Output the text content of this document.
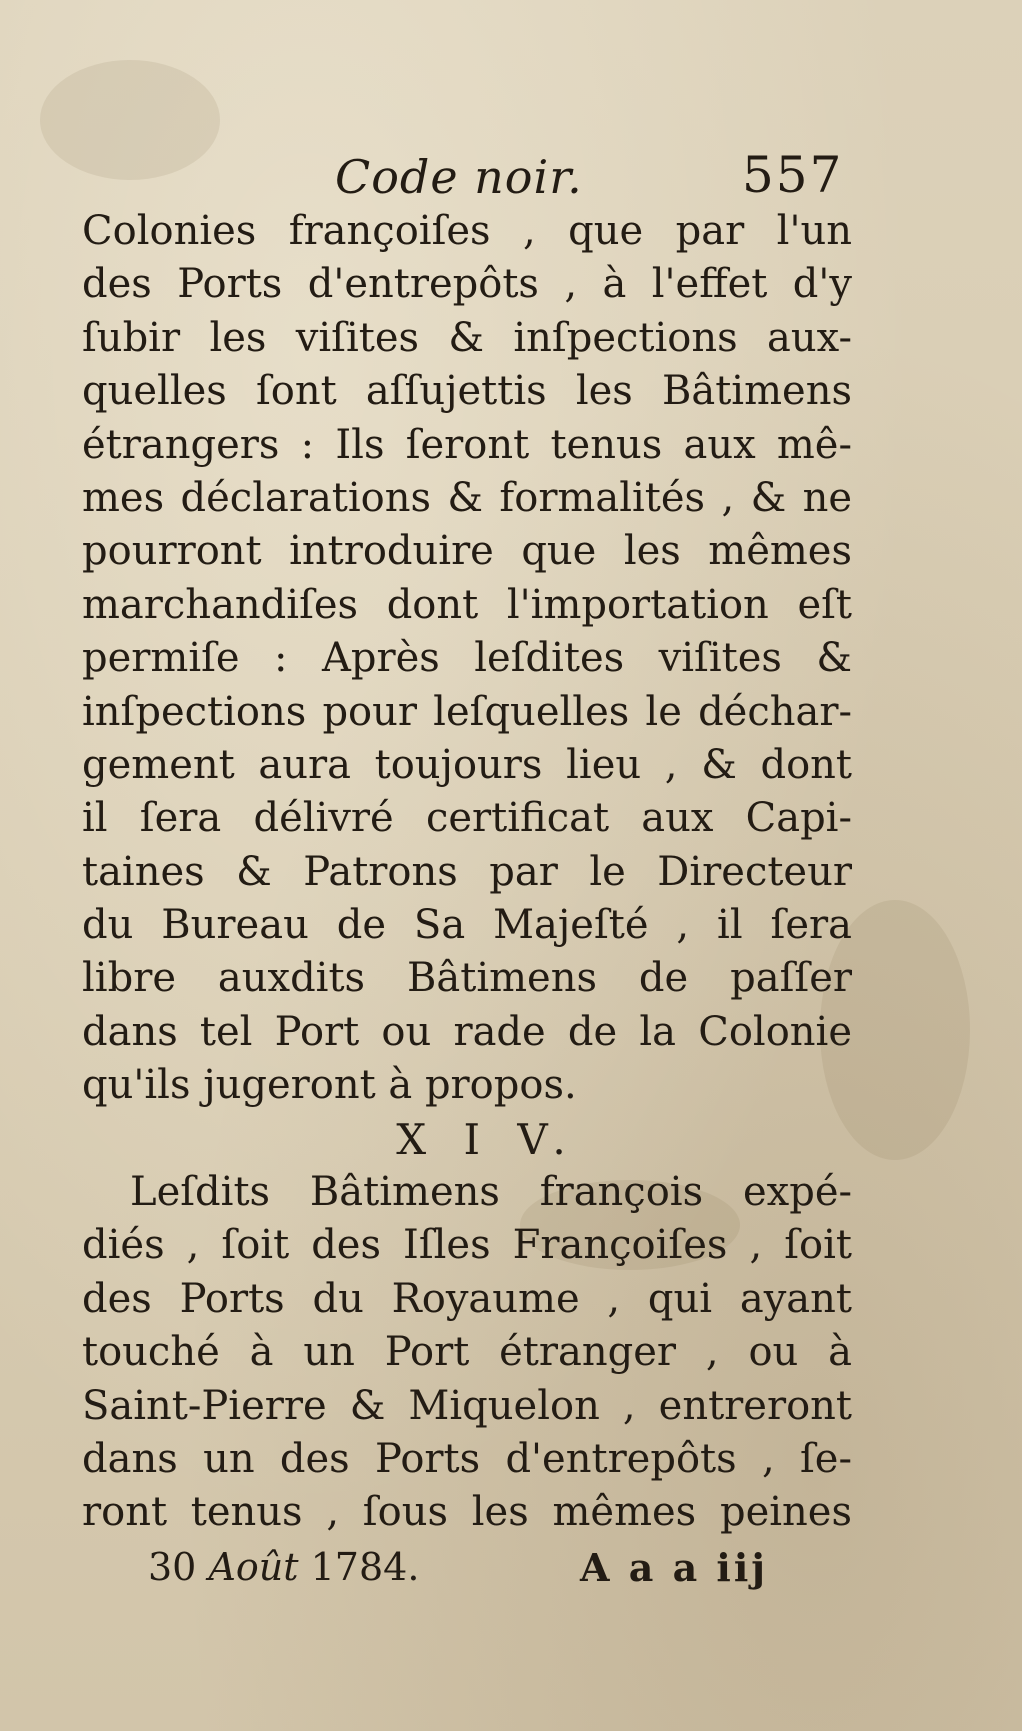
Code noir.	557
Colonies françoiſes , que par l'un
des Ports d'entrepôts , à l'effet d'y
ſubir les viſites & inſpections aux-
quelles ſont aſſujettis les Bâtimens
étrangers : Ils ſeront tenus aux mê-
mes déclarations & formalités , & ne
pourront introduire que les mêmes
marchandiſes dont l'importation eſt
permiſe : Après leſdites viſites &
inſpections pour leſquelles le déchar-
gement aura toujours lieu , & dont
il ſera délivré certificat aux Capi-
taines & Patrons par le Directeur
du Bureau de Sa Majeſté , il ſera
libre auxdits Bâtimens de paſſer
dans tel Port ou rade de la Colonie
qu'ils jugeront à propos.
X I V.
Leſdits Bâtimens françois expé-
diés , ſoit des Iſles Françoiſes , ſoit
des Ports du Royaume , qui ayant
touché à un Port étranger , ou à
Saint-Pierre & Miquelon , entreront
dans un des Ports d'entrepôts , ſe-
ront tenus , ſous les mêmes peines
30 Août 1784.	A a a iij
